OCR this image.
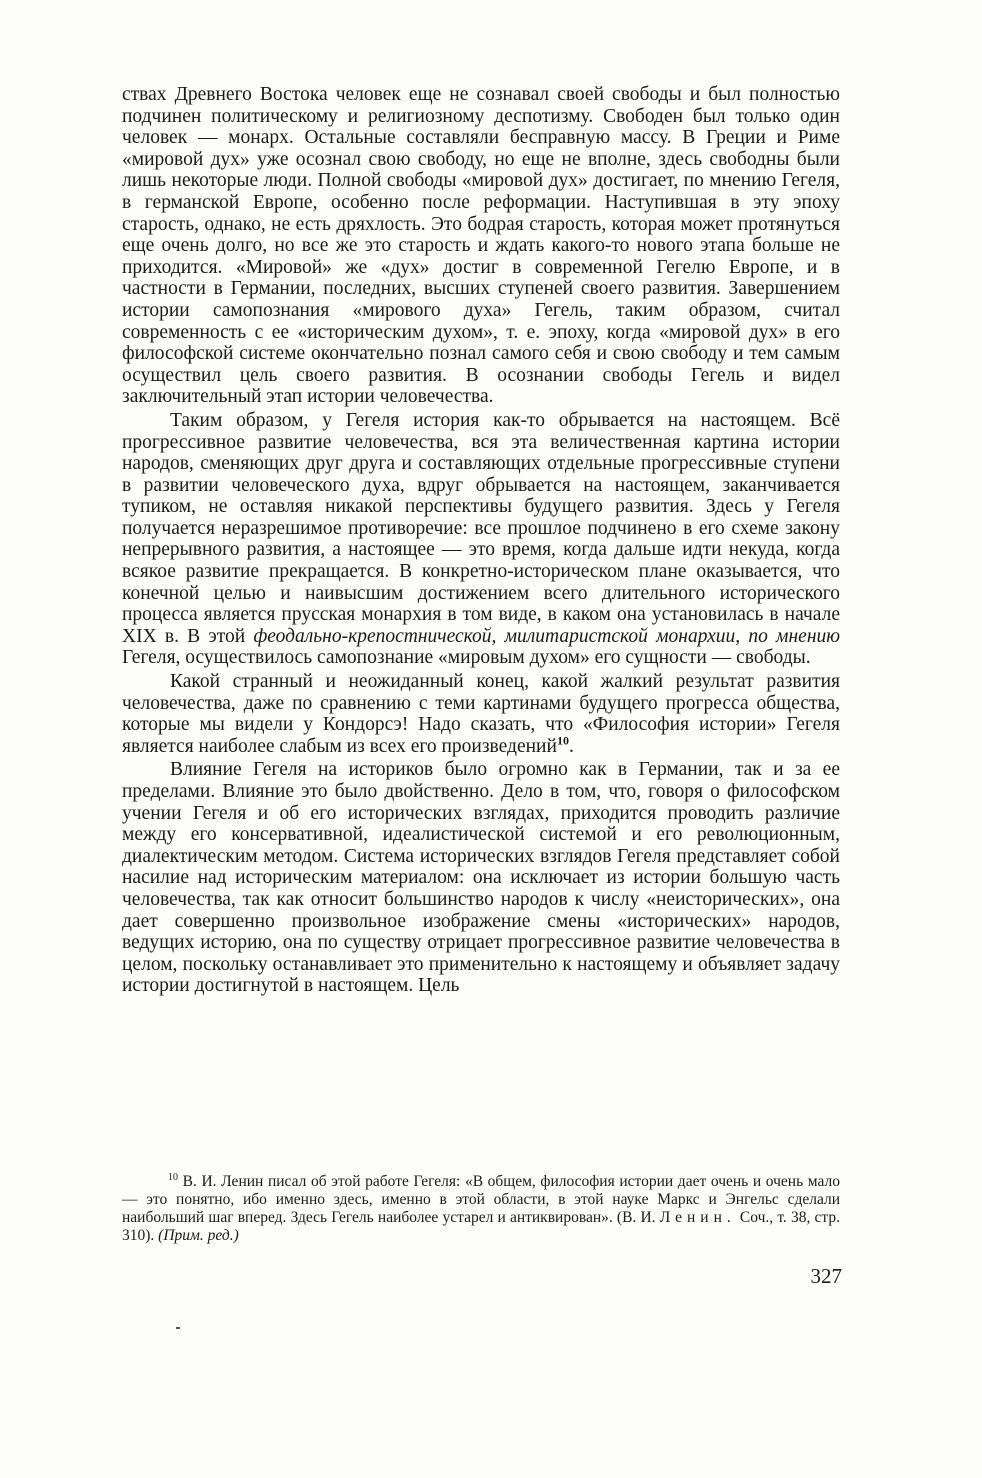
ствах Древнего Востока человек еще не сознавал своей свободы и был полностью подчинен политическому и религиозному деспотизму. Свободен был только один человек — монарх. Остальные составляли бесправную массу. В Греции и Риме «мировой дух» уже осознал свою свободу, но еще не вполне, здесь свободны были лишь некоторые люди. Полной свободы «мировой дух» достигает, по мнению Гегеля, в германской Европе, особенно после реформации. Наступившая в эту эпоху старость, однако, не есть дряхлость. Это бодрая старость, которая может протянуться еще очень долго, но все же это старость и ждать какого-то нового этапа больше не приходится. «Мировой» же «дух» достиг в современной Гегелю Европе, и в частности в Германии, последних, высших ступеней своего развития. Завершением истории самопознания «мирового духа» Гегель, таким образом, считал современность с ее «историческим духом», т. е. эпоху, когда «мировой дух» в его философской системе окончательно познал самого себя и свою свободу и тем самым осуществил цель своего развития. В осознании свободы Гегель и видел заключительный этап истории человечества.

Таким образом, у Гегеля история как-то обрывается на настоящем. Всё прогрессивное развитие человечества, вся эта величественная картина истории народов, сменяющих друг друга и составляющих отдельные прогрессивные ступени в развитии человеческого духа, вдруг обрывается на настоящем, заканчивается тупиком, не оставляя никакой перспективы будущего развития. Здесь у Гегеля получается неразрешимое противоречие: все прошлое подчинено в его схеме закону непрерывного развития, а настоящее — это время, когда дальше идти некуда, когда всякое развитие прекращается. В конкретно-историческом плане оказывается, что конечной целью и наивысшим достижением всего длительного исторического процесса является прусская монархия в том виде, в каком она установилась в начале XIX в. В этой феодально-крепостнической, милитаристской монархии, по мнению Гегеля, осуществилось самопознание «мировым духом» его сущности — свободы.

Какой странный и неожиданный конец, какой жалкий результат развития человечества, даже по сравнению с теми картинами будущего прогресса общества, которые мы видели у Кондорсэ! Надо сказать, что «Философия истории» Гегеля является наиболее слабым из всех его произведений$^{10}$.

Влияние Гегеля на историков было огромно как в Германии, так и за ее пределами. Влияние это было двойственно. Дело в том, что, говоря о философском учении Гегеля и об его исторических взглядах, приходится проводить различие между его консервативной, идеалистической системой и его революционным, диалектическим методом. Система исторических взглядов Гегеля представляет собой насилие над историческим материалом: она исключает из истории большую часть человечества, так как относит большинство народов к числу «неисторических», она дает совершенно произвольное изображение смены «исторических» народов, ведущих историю, она по существу отрицает прогрессивное развитие человечества в целом, поскольку останавливает это применительно к настоящему и объявляет задачу истории достигнутой в настоящем. Цель

$^{10}$ В. И. Ленин писал об этой работе Гегеля: «В общем, философия истории дает очень и очень мало — это понятно, ибо именно здесь, именно в этой области, в этой науке Маркс и Энгельс сделали наибольший шаг вперед. Здесь Гегель наиболее устарел и антиквирован». (В. И. Ленин. Соч., т. 38, стр. 310). (Прим. ред.)
327
